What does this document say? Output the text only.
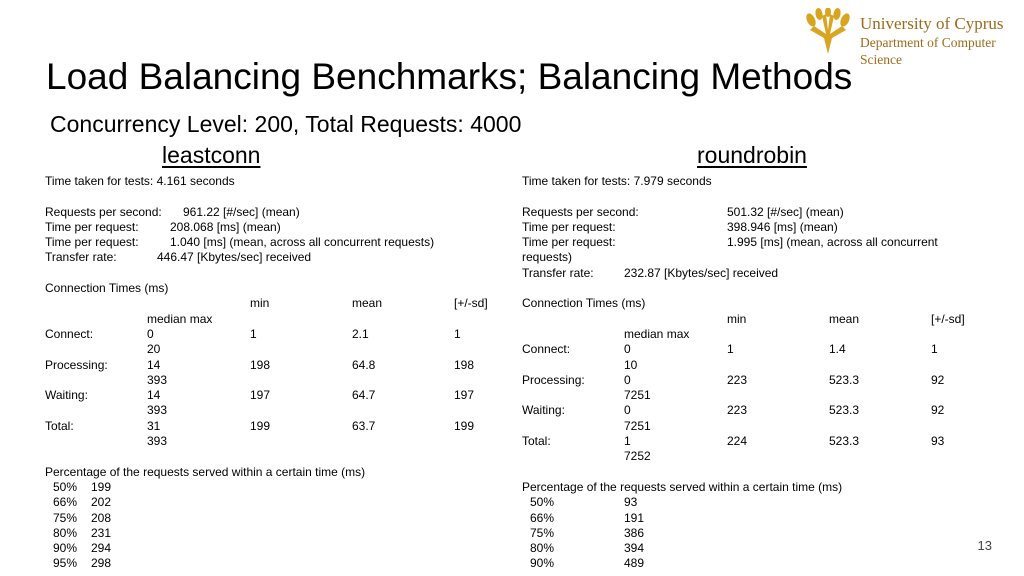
University of Cyprus
Department of Computer
Science
Load Balancing Benchmarks; Balancing Methods
Concurrency Level: 200, Total Requests: 4000
leastconn	roundrobin
Time taken for tests: 4.161 seconds
Requests per second: 961.22 [#/sec] (mean)
Time per request:	208.068 [ms] (mean)
Time per request:	1.040 [ms] (mean, across all concurrent requests)
Transfer rate:	446.47 [Kbytes/sec] received
Connection Times (ms)
min	mean	[+/-sd]
median max
Connect:	0	1	2.1	1
20
Processing:	14	198	64.8	198
393
Waiting:	14	197	64.7	197
393
Total:	31	199	63.7	199
393
Percentage of the requests served within a certain time (ms)
50% 199
66% 202
75% 208
80% 231
90% 294
95% 298
Time taken for tests: 7.979 seconds
Requests per second:	501.32 [#/sec] (mean)
Time per request:	398.946 [ms] (mean)
Time per request:	1.995 [ms] (mean, across all concurrent
requests)
Transfer rate:	232.87 [Kbytes/sec] received
Connection Times (ms)
min	mean	[+/-sd]
median max
Connect:	0	1	1.4	1
10
Processing:	0	223	523.3	92
7251
Waiting:	0	223	523.3	92
7251
Total:	1	224	523.3	93
7252
Percentage of the requests served within a certain time (ms)
50%	93
66%	191
75%	386
80%	394
90%	489
13
